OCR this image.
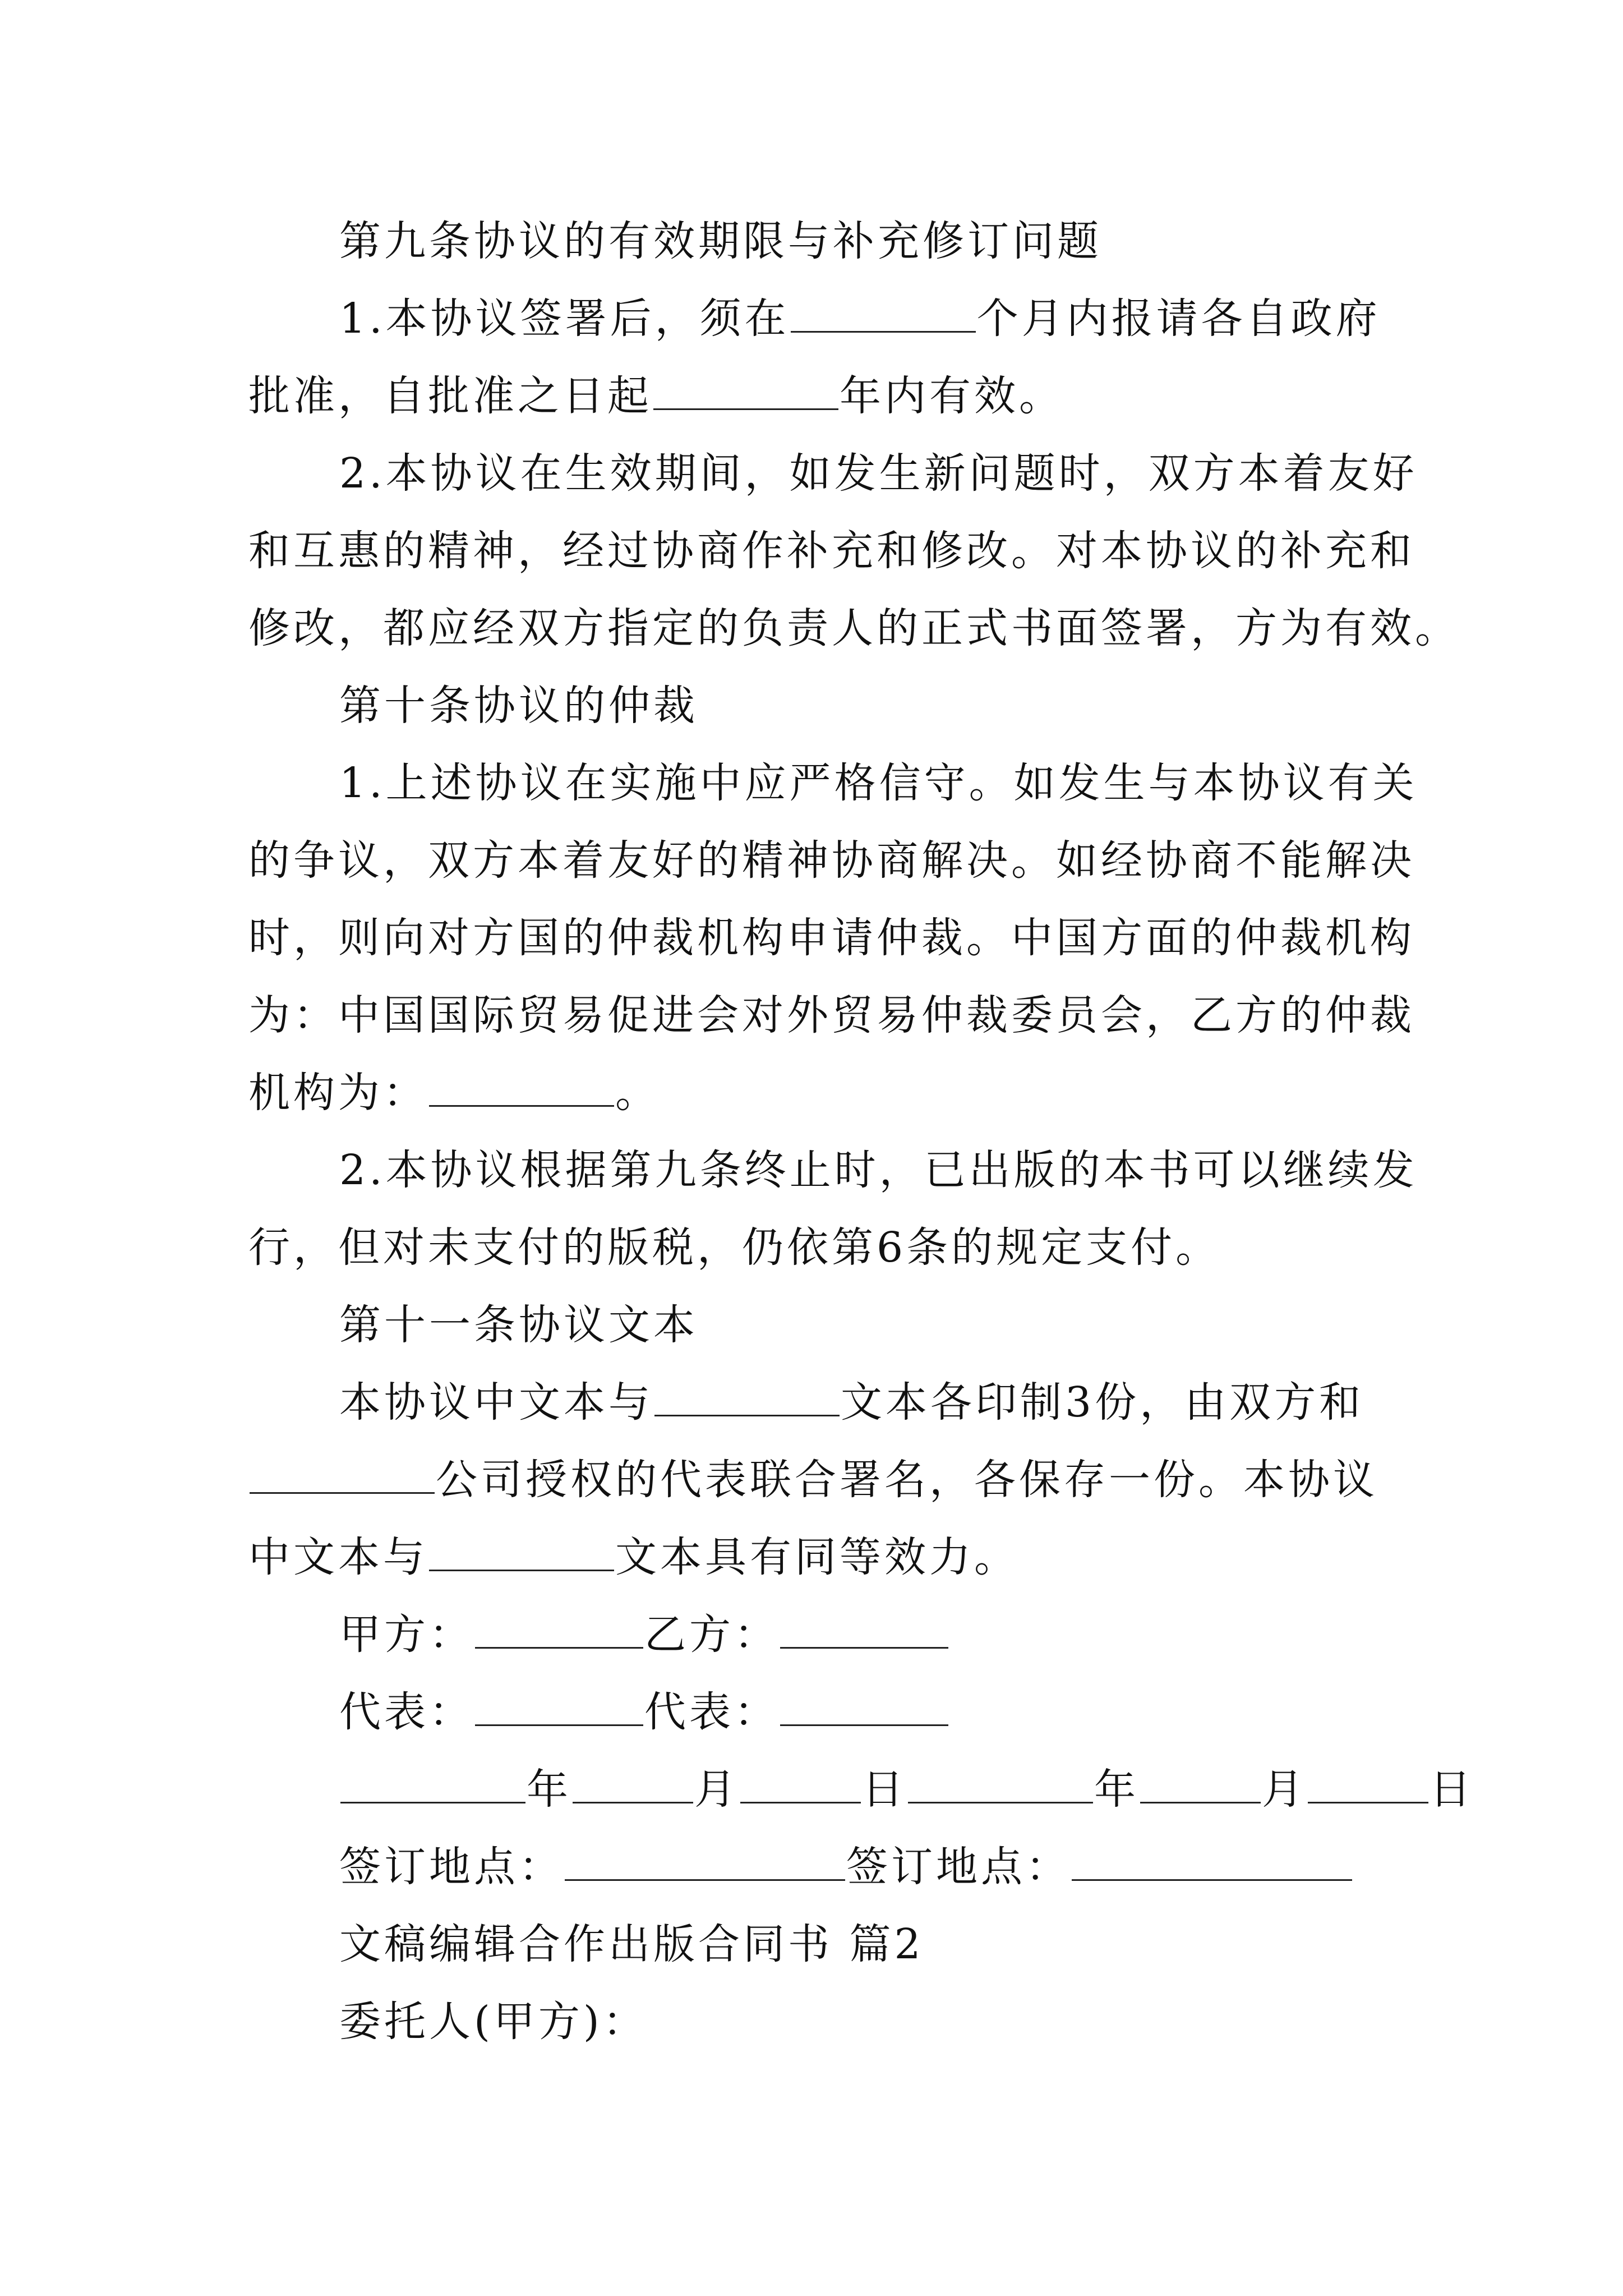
第九条协议的有效期限与补充修订问题
1.本协议签署后，须在	个月内报请各自政府
批准，自批准之日起	年内有效。
2.本协议在生效期间，如发生新问题时，双方本着友好
和互惠的精神，经过协商作补充和修改。对本协议的补充和
修改，都应经双方指定的负责人的正式书面签署，方为有效。
第十条协议的仲裁
1.上述协议在实施中应严格信守。如发生与本协议有关
的争议，双方本着友好的精神协商解决。如经协商不能解决
时，则向对方国的仲裁机构申请仲裁。中国方面的仲裁机构
为：中国国际贸易促进会对外贸易仲裁委员会，乙方的仲裁
机构为：	。
2.本协议根据第九条终止时，已出版的本书可以继续发
行，但对未支付的版税，仍依第6条的规定支付。
第十一条协议文本
本协议中文本与	文本各印制3份，由双方和
公司授权的代表联合署名，各保存一份。本协议
中文本与	文本具有同等效力。
甲方：	乙方：
代表：	代表：
年	月	日	年	月	日
签订地点：	签订地点：
文稿编辑合作出版合同书 篇2
委托人(甲方)：
